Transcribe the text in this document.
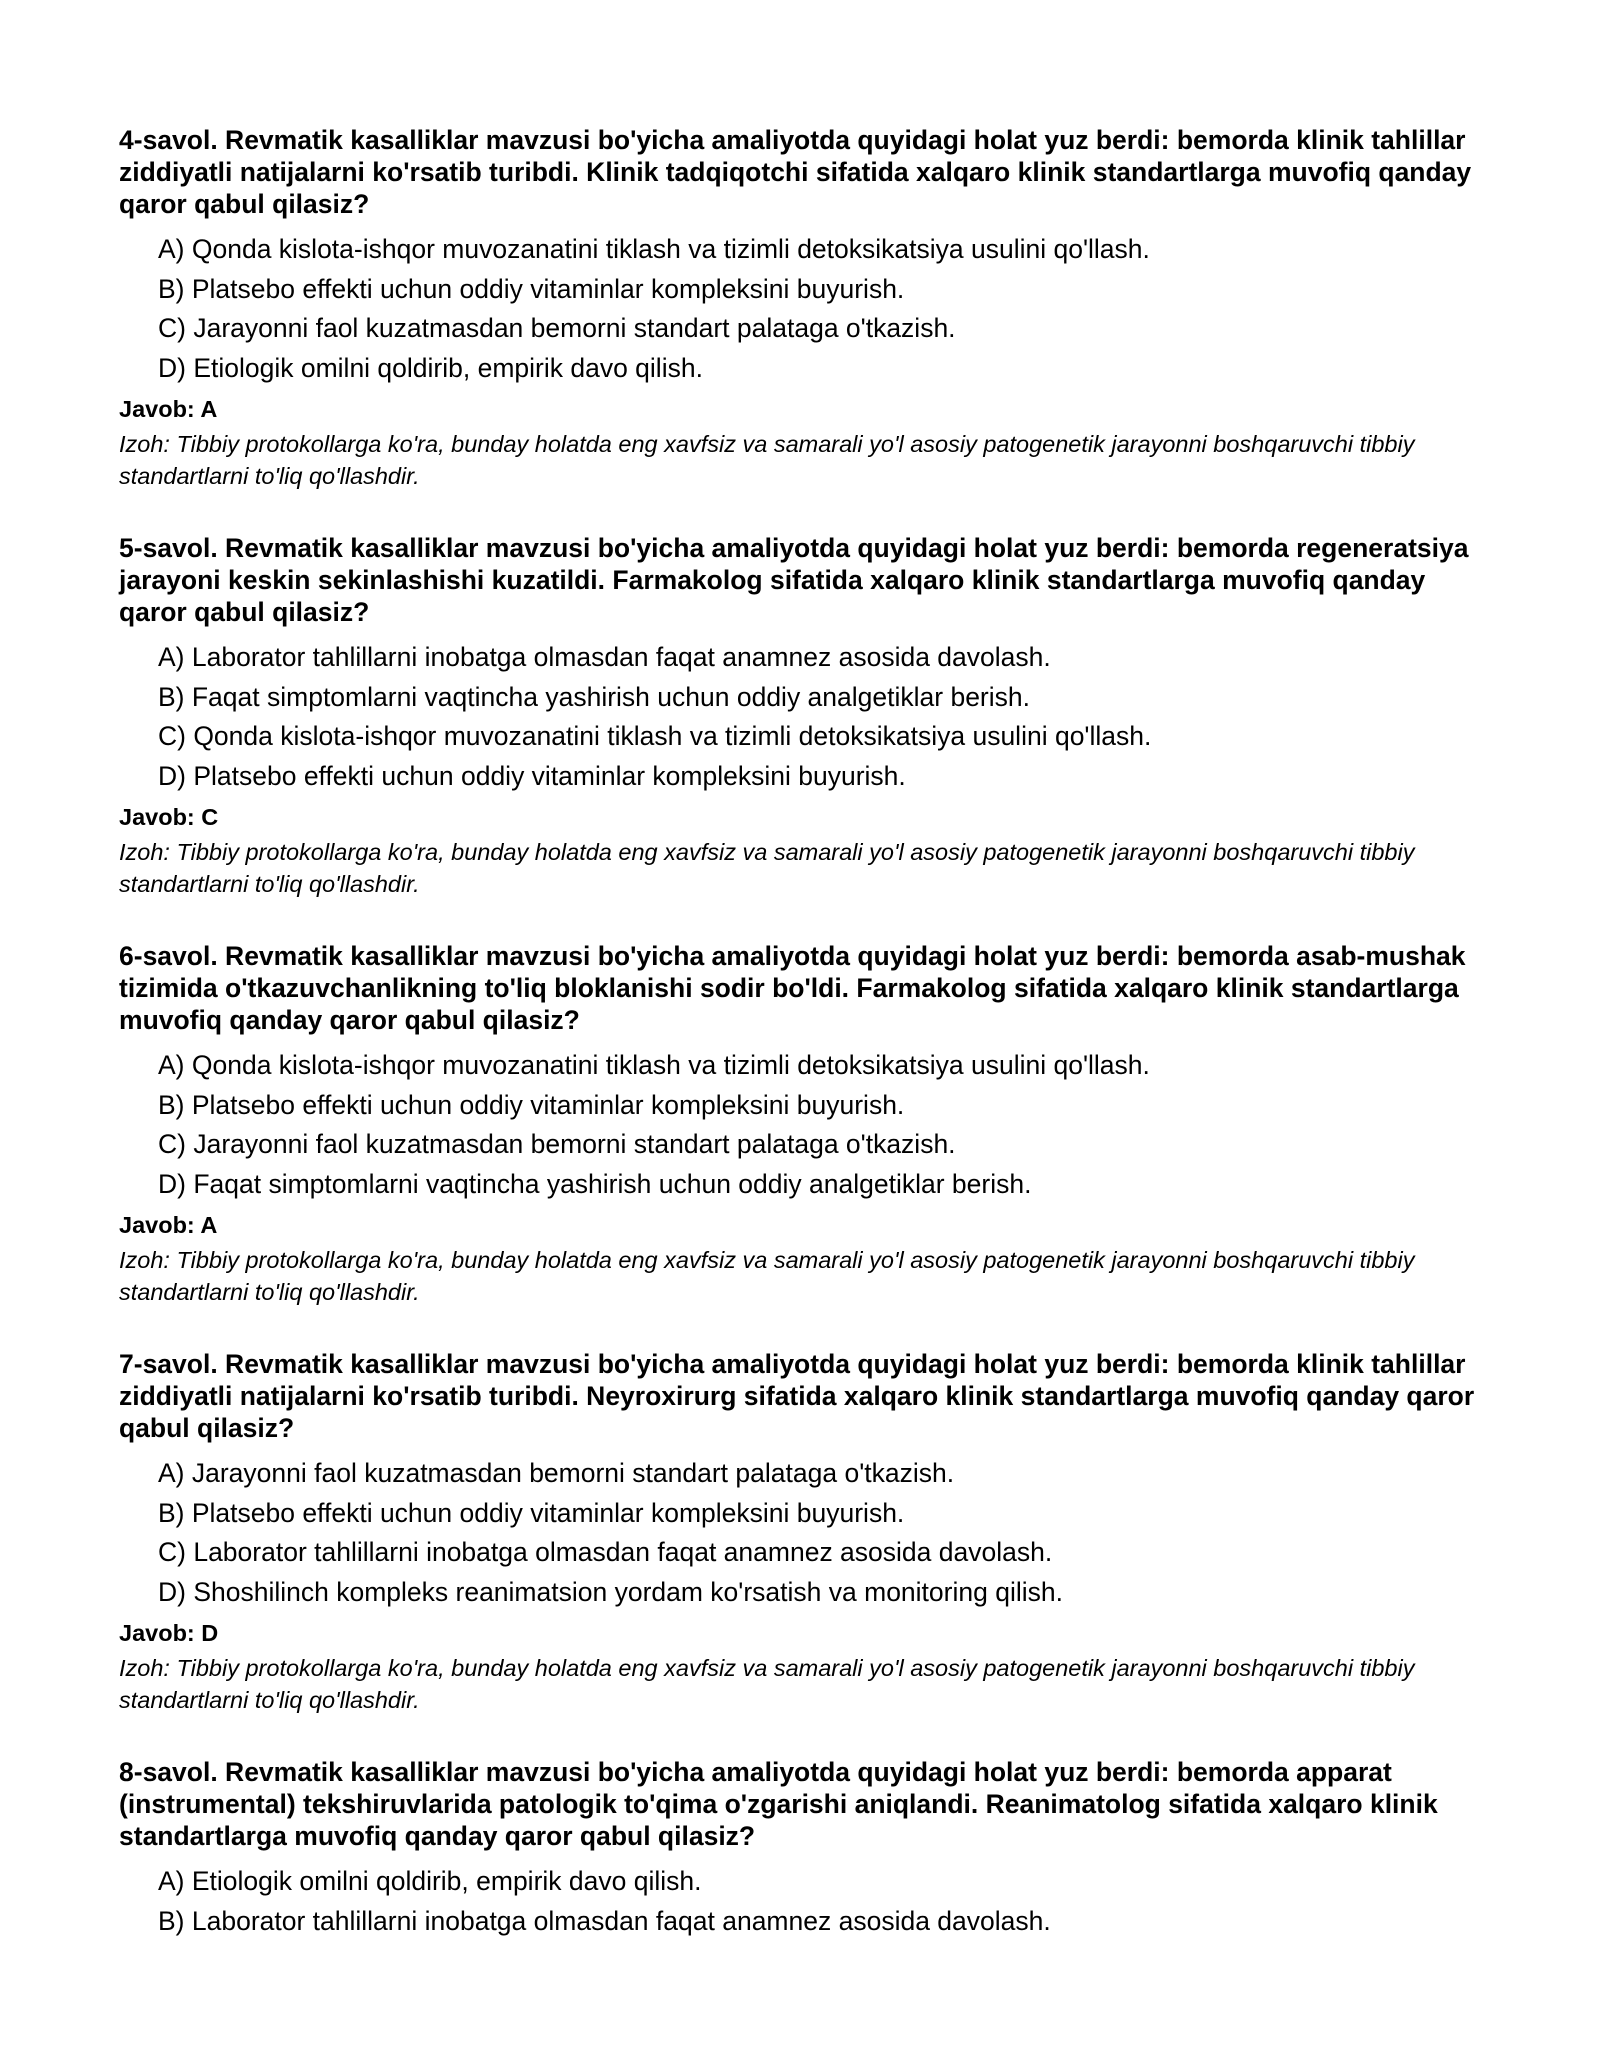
4-savol. Revmatik kasalliklar mavzusi bo'yicha amaliyotda quyidagi holat yuz berdi: bemorda klinik tahlillar ziddiyatli natijalarni ko'rsatib turibdi. Klinik tadqiqotchi sifatida xalqaro klinik standartlarga muvofiq qanday qaror qabul qilasiz?

A) Qonda kislota-ishqor muvozanatini tiklash va tizimli detoksikatsiya usulini qo'llash.
B) Platsebo effekti uchun oddiy vitaminlar kompleksini buyurish.
C) Jarayonni faol kuzatmasdan bemorni standart palataga o'tkazish.
D) Etiologik omilni qoldirib, empirik davo qilish.

Javob: A

Izoh: Tibbiy protokollarga ko'ra, bunday holatda eng xavfsiz va samarali yo'l asosiy patogenetik jarayonni boshqaruvchi tibbiy standartlarni to'liq qo'llashdir.

5-savol. Revmatik kasalliklar mavzusi bo'yicha amaliyotda quyidagi holat yuz berdi: bemorda regeneratsiya jarayoni keskin sekinlashishi kuzatildi. Farmakolog sifatida xalqaro klinik standartlarga muvofiq qanday qaror qabul qilasiz?

A) Laborator tahlillarni inobatga olmasdan faqat anamnez asosida davolash.
B) Faqat simptomlarni vaqtincha yashirish uchun oddiy analgetiklar berish.
C) Qonda kislota-ishqor muvozanatini tiklash va tizimli detoksikatsiya usulini qo'llash.
D) Platsebo effekti uchun oddiy vitaminlar kompleksini buyurish.

Javob: C

Izoh: Tibbiy protokollarga ko'ra, bunday holatda eng xavfsiz va samarali yo'l asosiy patogenetik jarayonni boshqaruvchi tibbiy standartlarni to'liq qo'llashdir.

6-savol. Revmatik kasalliklar mavzusi bo'yicha amaliyotda quyidagi holat yuz berdi: bemorda asab-mushak tizimida o'tkazuvchanlikning to'liq bloklanishi sodir bo'ldi. Farmakolog sifatida xalqaro klinik standartlarga muvofiq qanday qaror qabul qilasiz?

A) Qonda kislota-ishqor muvozanatini tiklash va tizimli detoksikatsiya usulini qo'llash.
B) Platsebo effekti uchun oddiy vitaminlar kompleksini buyurish.
C) Jarayonni faol kuzatmasdan bemorni standart palataga o'tkazish.
D) Faqat simptomlarni vaqtincha yashirish uchun oddiy analgetiklar berish.

Javob: A

Izoh: Tibbiy protokollarga ko'ra, bunday holatda eng xavfsiz va samarali yo'l asosiy patogenetik jarayonni boshqaruvchi tibbiy standartlarni to'liq qo'llashdir.

7-savol. Revmatik kasalliklar mavzusi bo'yicha amaliyotda quyidagi holat yuz berdi: bemorda klinik tahlillar ziddiyatli natijalarni ko'rsatib turibdi. Neyroxirurg sifatida xalqaro klinik standartlarga muvofiq qanday qaror qabul qilasiz?

A) Jarayonni faol kuzatmasdan bemorni standart palataga o'tkazish.
B) Platsebo effekti uchun oddiy vitaminlar kompleksini buyurish.
C) Laborator tahlillarni inobatga olmasdan faqat anamnez asosida davolash.
D) Shoshilinch kompleks reanimatsion yordam ko'rsatish va monitoring qilish.

Javob: D

Izoh: Tibbiy protokollarga ko'ra, bunday holatda eng xavfsiz va samarali yo'l asosiy patogenetik jarayonni boshqaruvchi tibbiy standartlarni to'liq qo'llashdir.

8-savol. Revmatik kasalliklar mavzusi bo'yicha amaliyotda quyidagi holat yuz berdi: bemorda apparat (instrumental) tekshiruvlarida patologik to'qima o'zgarishi aniqlandi. Reanimatolog sifatida xalqaro klinik standartlarga muvofiq qanday qaror qabul qilasiz?

A) Etiologik omilni qoldirib, empirik davo qilish.
B) Laborator tahlillarni inobatga olmasdan faqat anamnez asosida davolash.
